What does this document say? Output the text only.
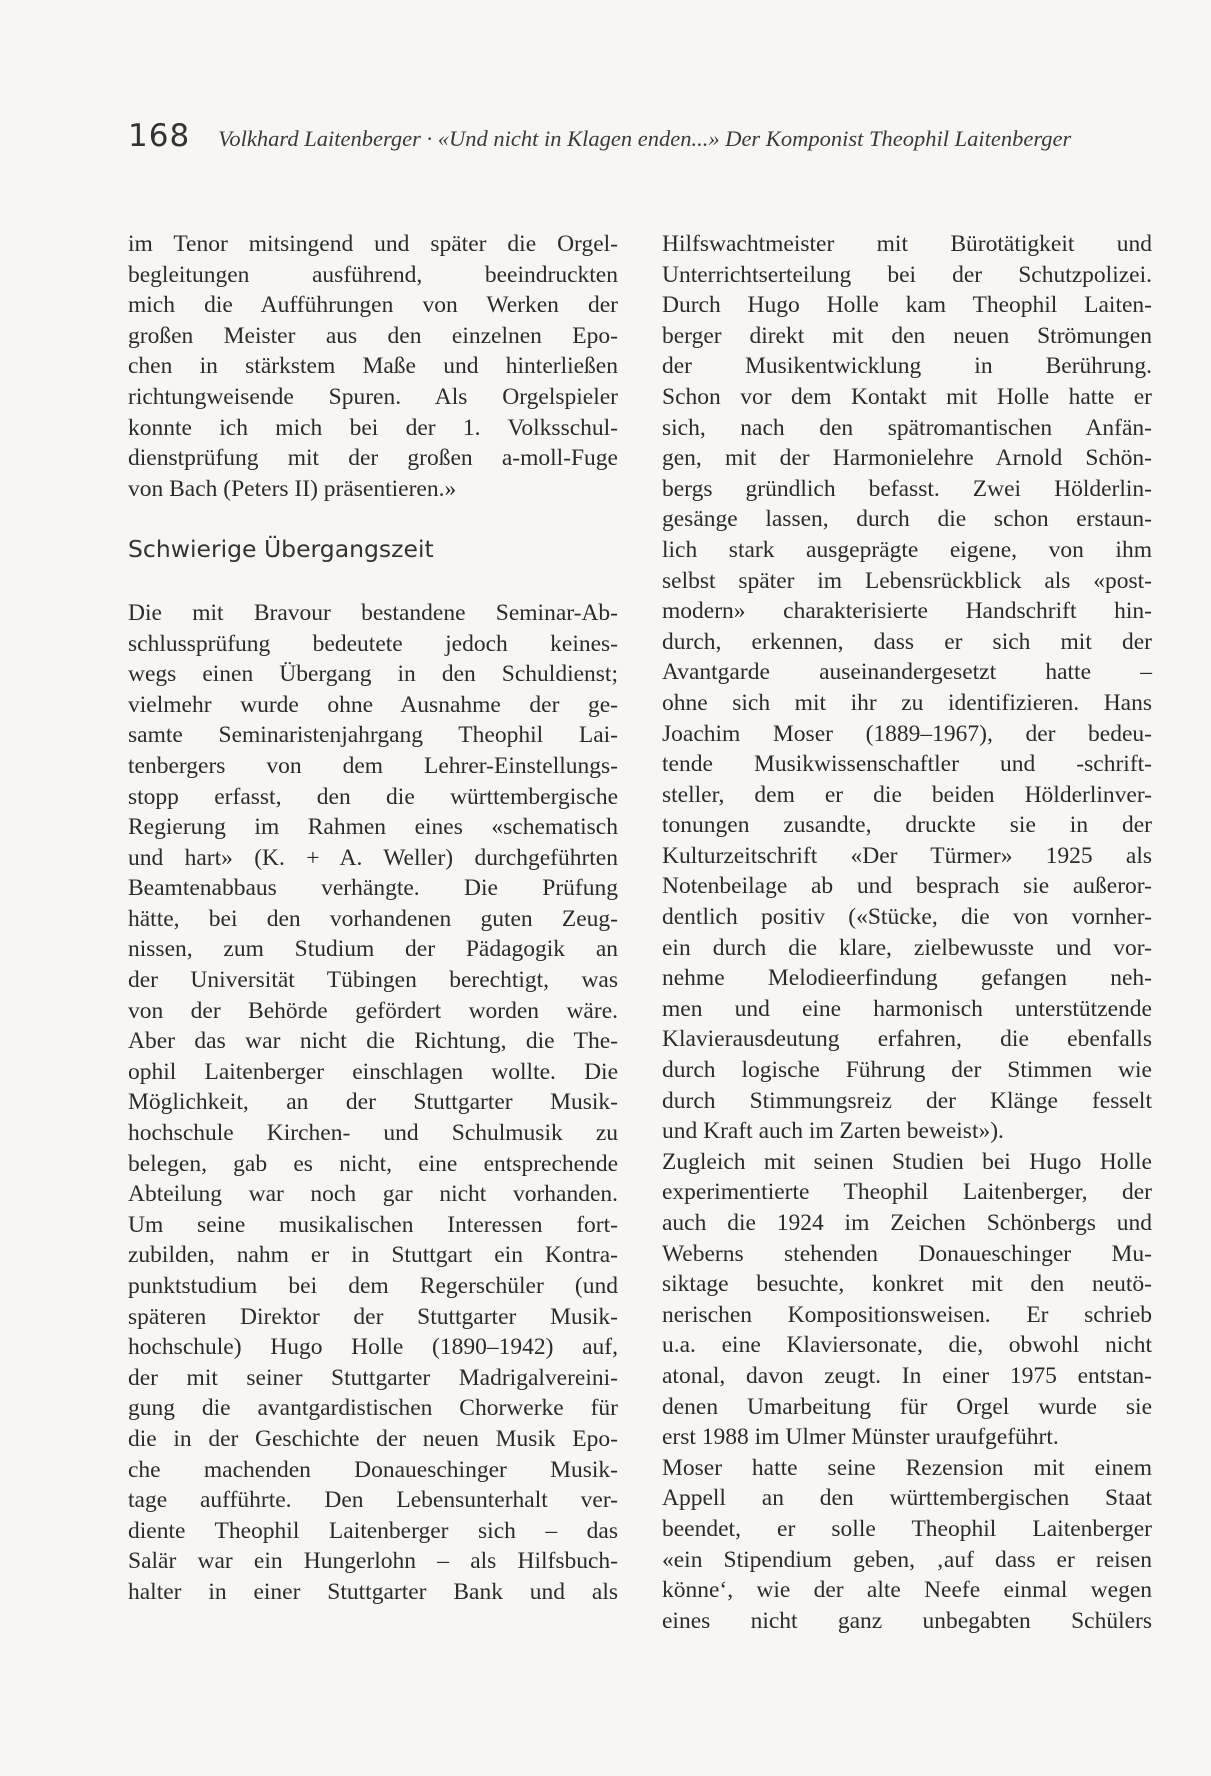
168 Volkhard Laitenberger · «Und nicht in Klagen enden...» Der Komponist Theophil Laitenberger
im Tenor mitsingend und später die Orgel-
begleitungen ausführend, beeindruckten
mich die Aufführungen von Werken der
großen Meister aus den einzelnen Epo-
chen in stärkstem Maße und hinterließen
richtungweisende Spuren. Als Orgelspieler
konnte ich mich bei der 1. Volksschul-
dienstprüfung mit der großen a-moll-Fuge
von Bach (Peters II) präsentieren.»
Schwierige Übergangszeit
Die mit Bravour bestandene Seminar-Ab-
schlussprüfung bedeutete jedoch keines-
wegs einen Übergang in den Schuldienst;
vielmehr wurde ohne Ausnahme der ge-
samte Seminaristenjahrgang Theophil Lai-
tenbergers von dem Lehrer-Einstellungs-
stopp erfasst, den die württembergische
Regierung im Rahmen eines «schematisch
und hart» (K. + A. Weller) durchgeführten
Beamtenabbaus verhängte. Die Prüfung
hätte, bei den vorhandenen guten Zeug-
nissen, zum Studium der Pädagogik an
der Universität Tübingen berechtigt, was
von der Behörde gefördert worden wäre.
Aber das war nicht die Richtung, die The-
ophil Laitenberger einschlagen wollte. Die
Möglichkeit, an der Stuttgarter Musik-
hochschule Kirchen- und Schulmusik zu
belegen, gab es nicht, eine entsprechende
Abteilung war noch gar nicht vorhanden.
Um seine musikalischen Interessen fort-
zubilden, nahm er in Stuttgart ein Kontra-
punktstudium bei dem Regerschüler (und
späteren Direktor der Stuttgarter Musik-
hochschule) Hugo Holle (1890–1942) auf,
der mit seiner Stuttgarter Madrigalvereini-
gung die avantgardistischen Chorwerke für
die in der Geschichte der neuen Musik Epo-
che machenden Donaueschinger Musik-
tage aufführte. Den Lebensunterhalt ver-
diente Theophil Laitenberger sich – das
Salär war ein Hungerlohn – als Hilfsbuch-
halter in einer Stuttgarter Bank und als
Hilfswachtmeister mit Bürotätigkeit und
Unterrichtserteilung bei der Schutzpolizei.
Durch Hugo Holle kam Theophil Laiten-
berger direkt mit den neuen Strömungen
der Musikentwicklung in Berührung.
Schon vor dem Kontakt mit Holle hatte er
sich, nach den spätromantischen Anfän-
gen, mit der Harmonielehre Arnold Schön-
bergs gründlich befasst. Zwei Hölderlin-
gesänge lassen, durch die schon erstaun-
lich stark ausgeprägte eigene, von ihm
selbst später im Lebensrückblick als «post-
modern» charakterisierte Handschrift hin-
durch, erkennen, dass er sich mit der
Avantgarde auseinandergesetzt hatte –
ohne sich mit ihr zu identifizieren. Hans
Joachim Moser (1889–1967), der bedeu-
tende Musikwissenschaftler und -schrift-
steller, dem er die beiden Hölderlinver-
tonungen zusandte, druckte sie in der
Kulturzeitschrift «Der Türmer» 1925 als
Notenbeilage ab und besprach sie außeror-
dentlich positiv («Stücke, die von vornher-
ein durch die klare, zielbewusste und vor-
nehme Melodieerfindung gefangen neh-
men und eine harmonisch unterstützende
Klavierausdeutung erfahren, die ebenfalls
durch logische Führung der Stimmen wie
durch Stimmungsreiz der Klänge fesselt
und Kraft auch im Zarten beweist»).
Zugleich mit seinen Studien bei Hugo Holle
experimentierte Theophil Laitenberger, der
auch die 1924 im Zeichen Schönbergs und
Weberns stehenden Donaueschinger Mu-
siktage besuchte, konkret mit den neutö-
nerischen Kompositionsweisen. Er schrieb
u.a. eine Klaviersonate, die, obwohl nicht
atonal, davon zeugt. In einer 1975 entstan-
denen Umarbeitung für Orgel wurde sie
erst 1988 im Ulmer Münster uraufgeführt.
Moser hatte seine Rezension mit einem
Appell an den württembergischen Staat
beendet, er solle Theophil Laitenberger
«ein Stipendium geben, ‚auf dass er reisen
könne‘, wie der alte Neefe einmal wegen
eines nicht ganz unbegabten Schülers
